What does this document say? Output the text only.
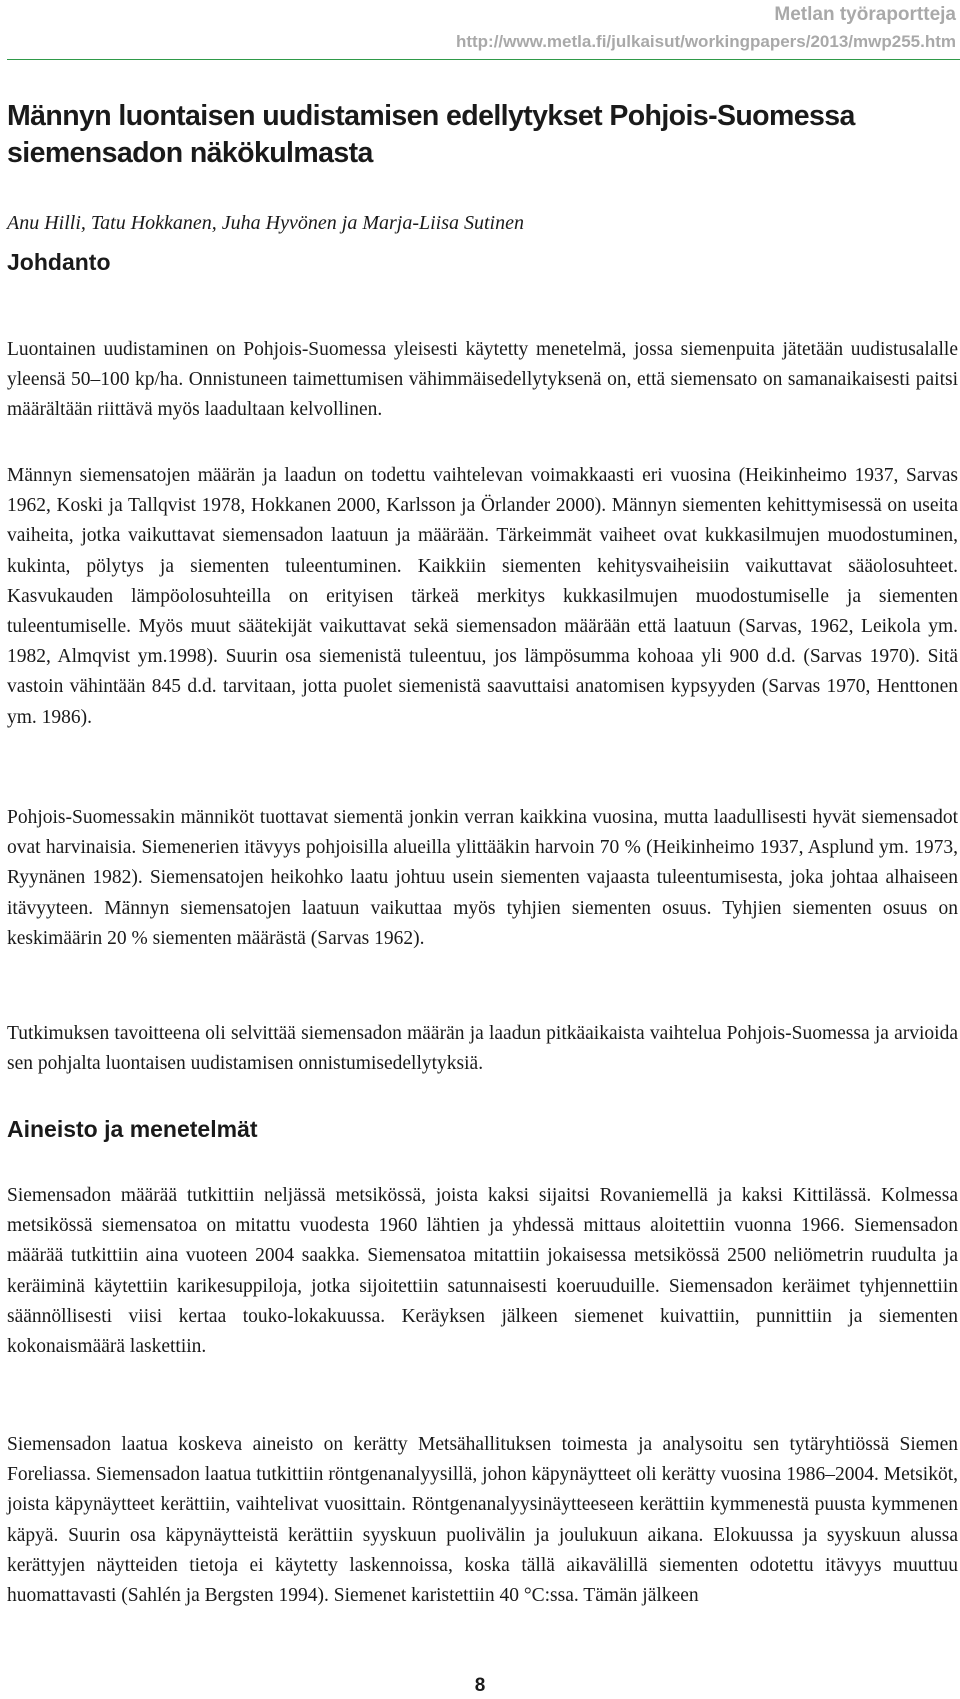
Metlan työraportteja
http://www.metla.fi/julkaisut/workingpapers/2013/mwp255.htm
Männyn luontaisen uudistamisen edellytykset Pohjois-Suomessa siemensadon näkökulmasta

Anu Hilli, Tatu Hokkanen, Juha Hyvönen ja Marja-Liisa Sutinen

Johdanto

Luontainen uudistaminen on Pohjois-Suomessa yleisesti käytetty menetelmä, jossa siemenpuita jätetään uudistusalalle yleensä 50–100 kp/ha. Onnistuneen taimettumisen vähimmäisedellytyksenä on, että siemensato on samanaikaisesti paitsi määrältään riittävä myös laadultaan kelvollinen.

Männyn siemensatojen määrän ja laadun on todettu vaihtelevan voimakkaasti eri vuosina (Heikinheimo 1937, Sarvas 1962, Koski ja Tallqvist 1978, Hokkanen 2000, Karlsson ja Örlander 2000). Männyn siementen kehittymisessä on useita vaiheita, jotka vaikuttavat siemensadon laatuun ja määrään. Tärkeimmät vaiheet ovat kukkasilmujen muodostuminen, kukinta, pölytys ja siementen tuleentuminen. Kaikkiin siementen kehitysvaiheisiin vaikuttavat sääolosuhteet. Kasvukauden lämpöolosuhteilla on erityisen tärkeä merkitys kukkasilmujen muodostumiselle ja siementen tuleentumiselle. Myös muut säätekijät vaikuttavat sekä siemensadon määrään että laatuun (Sarvas, 1962, Leikola ym. 1982, Almqvist ym.1998). Suurin osa siemenistä tuleentuu, jos lämpösumma kohoaa yli 900 d.d. (Sarvas 1970). Sitä vastoin vähintään 845 d.d. tarvitaan, jotta puolet siemenistä saavuttaisi anatomisen kypsyyden (Sarvas 1970, Henttonen ym. 1986).

Pohjois-Suomessakin männiköt tuottavat siementä jonkin verran kaikkina vuosina, mutta laadullisesti hyvät siemensadot ovat harvinaisia. Siemenerien itävyys pohjoisilla alueilla ylittääkin harvoin 70 % (Heikinheimo 1937, Asplund ym. 1973, Ryynänen 1982). Siemensatojen heikohko laatu johtuu usein siementen vajaasta tuleentumisesta, joka johtaa alhaiseen itävyyteen. Männyn siemensatojen laatuun vaikuttaa myös tyhjien siementen osuus. Tyhjien siementen osuus on keskimäärin 20 % siementen määrästä (Sarvas 1962).

Tutkimuksen tavoitteena oli selvittää siemensadon määrän ja laadun pitkäaikaista vaihtelua Pohjois-Suomessa ja arvioida sen pohjalta luontaisen uudistamisen onnistumisedellytyksiä.

Aineisto ja menetelmät

Siemensadon määrää tutkittiin neljässä metsikössä, joista kaksi sijaitsi Rovaniemellä ja kaksi Kittilässä. Kolmessa metsikössä siemensatoa on mitattu vuodesta 1960 lähtien ja yhdessä mittaus aloitettiin vuonna 1966. Siemensadon määrää tutkittiin aina vuoteen 2004 saakka. Siemensatoa mitattiin jokaisessa metsikössä 2500 neliömetrin ruudulta ja keräiminä käytettiin karikesuppiloja, jotka sijoitettiin satunnaisesti koeruuduille. Siemensadon keräimet tyhjennettiin säännöllisesti viisi kertaa touko-lokakuussa. Keräyksen jälkeen siemenet kuivattiin, punnittiin ja siementen kokonaismäärä laskettiin.

Siemensadon laatua koskeva aineisto on kerätty Metsähallituksen toimesta ja analysoitu sen tytäryhtiössä Siemen Foreliassa. Siemensadon laatua tutkittiin röntgenanalyysillä, johon käpynäytteet oli kerätty vuosina 1986–2004. Metsiköt, joista käpynäytteet kerättiin, vaihtelivat vuosittain. Röntgenanalyysinäytteeseen kerättiin kymmenestä puusta kymmenen käpyä. Suurin osa käpynäytteistä kerättiin syyskuun puolivälin ja joulukuun aikana. Elokuussa ja syyskuun alussa kerättyjen näytteiden tietoja ei käytetty laskennoissa, koska tällä aikavälillä siementen odotettu itävyys muuttuu huomattavasti (Sahlén ja Bergsten 1994). Siemenet karistettiin 40 °C:ssa. Tämän jälkeen

8
